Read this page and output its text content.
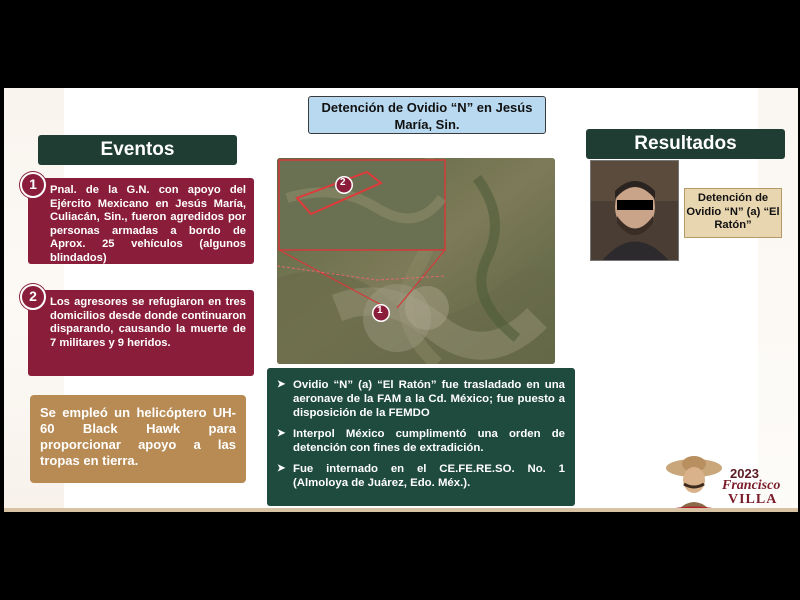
Detención de Ovidio “N” en Jesús María, Sin.
Eventos	Resultados
Pnal. de la G.N. con apoyo del Ejército Mexicano en Jesús María, Culiacán, Sin., fueron agredidos por personas armadas a bordo de Aprox. 25 vehículos (algunos blindados)
1
Los agresores se refugiaron en tres domicilios desde donde continuaron disparando, causando la muerte de 7 militares y 9 heridos.
2
Se empleó un helicóptero UH-60 Black Hawk para proporcionar apoyo a las tropas en tierra.
2
1
➤ Ovidio “N” (a) “El Ratón” fue trasladado en una aeronave de la FAM a la Cd. México; fue puesto a disposición de la FEMDO
➤ Interpol México cumplimentó una orden de detención con fines de extradición.
➤ Fue internado en el CE.FE.RE.SO. No. 1 (Almoloya de Juárez, Edo. Méx.).
Detención de Ovidio “N” (a) “El Ratón”
2023
Francisco
VILLA
